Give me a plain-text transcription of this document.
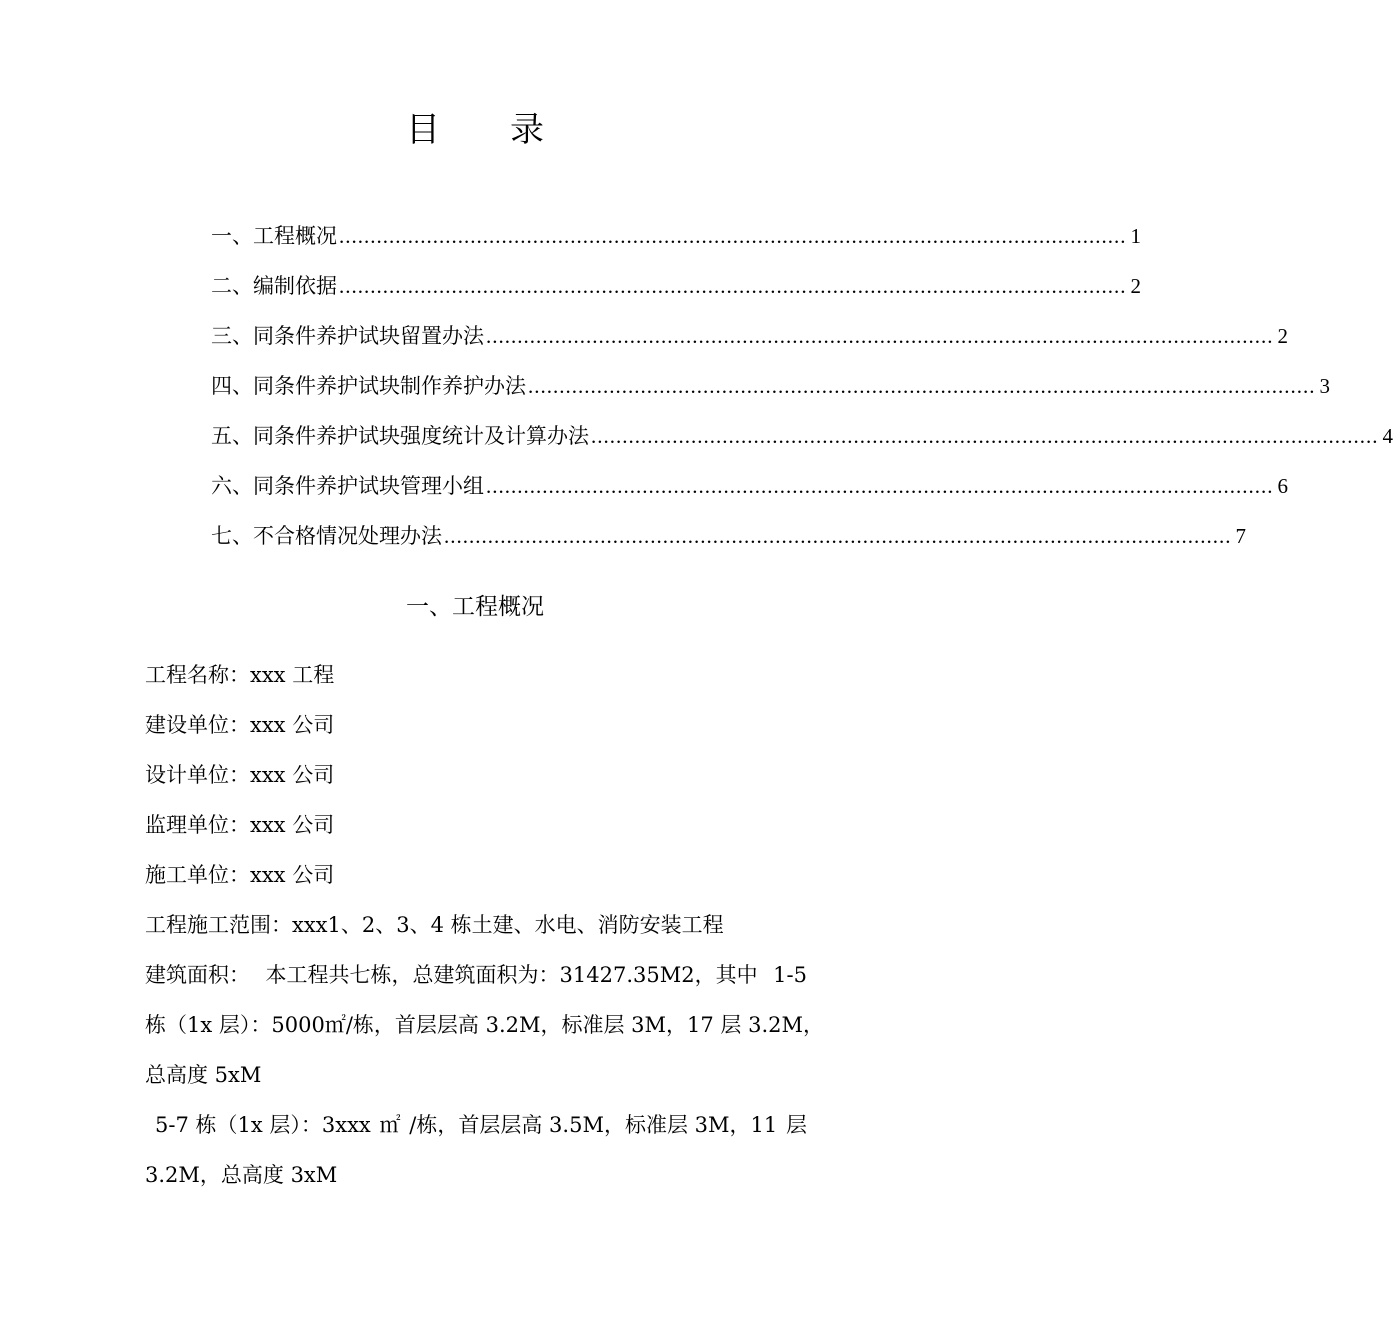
目 录
一、工程概况 .............................................................................................................................. 1
二、编制依据 .............................................................................................................................. 2
三、同条件养护试块留置办法 .............................................................................................................................. 2
四、同条件养护试块制作养护办法 .............................................................................................................................. 3
五、同条件养护试块强度统计及计算办法 .............................................................................................................................. 4
六、同条件养护试块管理小组 .............................................................................................................................. 6
七、不合格情况处理办法 .............................................................................................................................. 7
一、工程概况
工程名称：xxx 工程
建设单位：xxx 公司
设计单位：xxx 公司
监理单位：xxx 公司
施工单位：xxx 公司
工程施工范围：xxx1、2、3、4 栋土建、水电、消防安装工程
建筑面积： 本工程共七栋，总建筑面积为：31427.35M2，其中 1-5
栋（1x 层）：5000 ㎡ /栋， 首层层高 3.2M，标准层 3M，17 层 3.2M，
总高度 5xM
5-7 栋（1x 层）：3xxx ㎡ /栋，首层层高 3.5M，标准层 3M，11 层
3.2M，总高度 3xM
